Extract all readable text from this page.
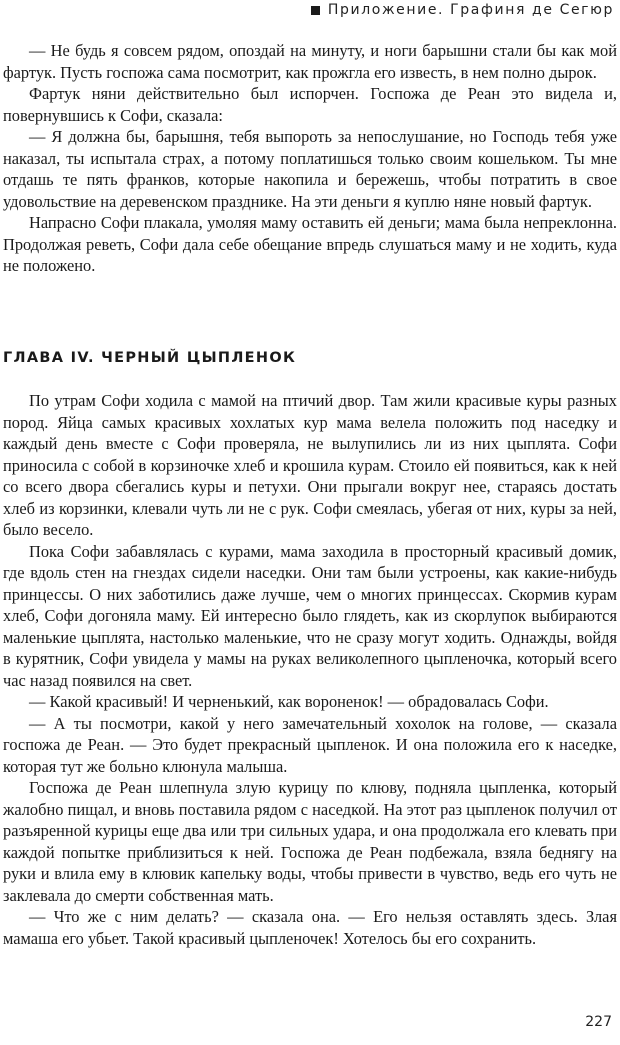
Приложение. Графиня де Сегюр

— Не будь я совсем рядом, опоздай на минуту, и ноги барышни стали бы как мой фартук. Пусть госпожа сама посмотрит, как прожгла его известь, в нем полно дырок.

Фартук няни действительно был испорчен. Госпожа де Реан это видела и, повернувшись к Софи, сказала:

— Я должна бы, барышня, тебя выпороть за непослушание, но Господь тебя уже наказал, ты испытала страх, а потому поплатишься только своим кошельком. Ты мне отдашь те пять франков, которые накопила и бережешь, чтобы потратить в свое удовольствие на деревенском празднике. На эти деньги я куплю няне новый фартук.

Напрасно Софи плакала, умоляя маму оставить ей деньги; мама была непреклонна. Продолжая реветь, Софи дала себе обещание впредь слушаться маму и не ходить, куда не положено.

ГЛАВА IV. ЧЕРНЫЙ ЦЫПЛЕНОК

По утрам Софи ходила с мамой на птичий двор. Там жили красивые куры разных пород. Яйца самых красивых хохлатых кур мама велела положить под наседку и каждый день вместе с Софи проверяла, не вылупились ли из них цыплята. Софи приносила с собой в корзиночке хлеб и крошила курам. Стоило ей появиться, как к ней со всего двора сбегались куры и петухи. Они прыгали вокруг нее, стараясь достать хлеб из корзинки, клевали чуть ли не с рук. Софи смеялась, убегая от них, куры за ней, было весело.

Пока Софи забавлялась с курами, мама заходила в просторный красивый домик, где вдоль стен на гнездах сидели наседки. Они там были устроены, как какие-нибудь принцессы. О них заботились даже лучше, чем о многих принцессах. Скормив курам хлеб, Софи догоняла маму. Ей интересно было глядеть, как из скорлупок выбираются маленькие цыплята, настолько маленькие, что не сразу могут ходить. Однажды, войдя в курятник, Софи увидела у мамы на руках великолепного цыпленочка, который всего час назад появился на свет.

— Какой красивый! И черненький, как вороненок! — обрадовалась Софи.

— А ты посмотри, какой у него замечательный хохолок на голове, — сказала госпожа де Реан. — Это будет прекрасный цыпленок. И она положила его к наседке, которая тут же больно клюнула малыша.

Госпожа де Реан шлепнула злую курицу по клюву, подняла цыпленка, который жалобно пищал, и вновь поставила рядом с наседкой. На этот раз цыпленок получил от разъяренной курицы еще два или три сильных удара, и она продолжала его клевать при каждой попытке приблизиться к ней. Госпожа де Реан подбежала, взяла беднягу на руки и влила ему в клювик капельку воды, чтобы привести в чувство, ведь его чуть не заклевала до смерти собственная мать.

— Что же с ним делать? — сказала она. — Его нельзя оставлять здесь. Злая мамаша его убьет. Такой красивый цыпленочек! Хотелось бы его сохранить.

227
